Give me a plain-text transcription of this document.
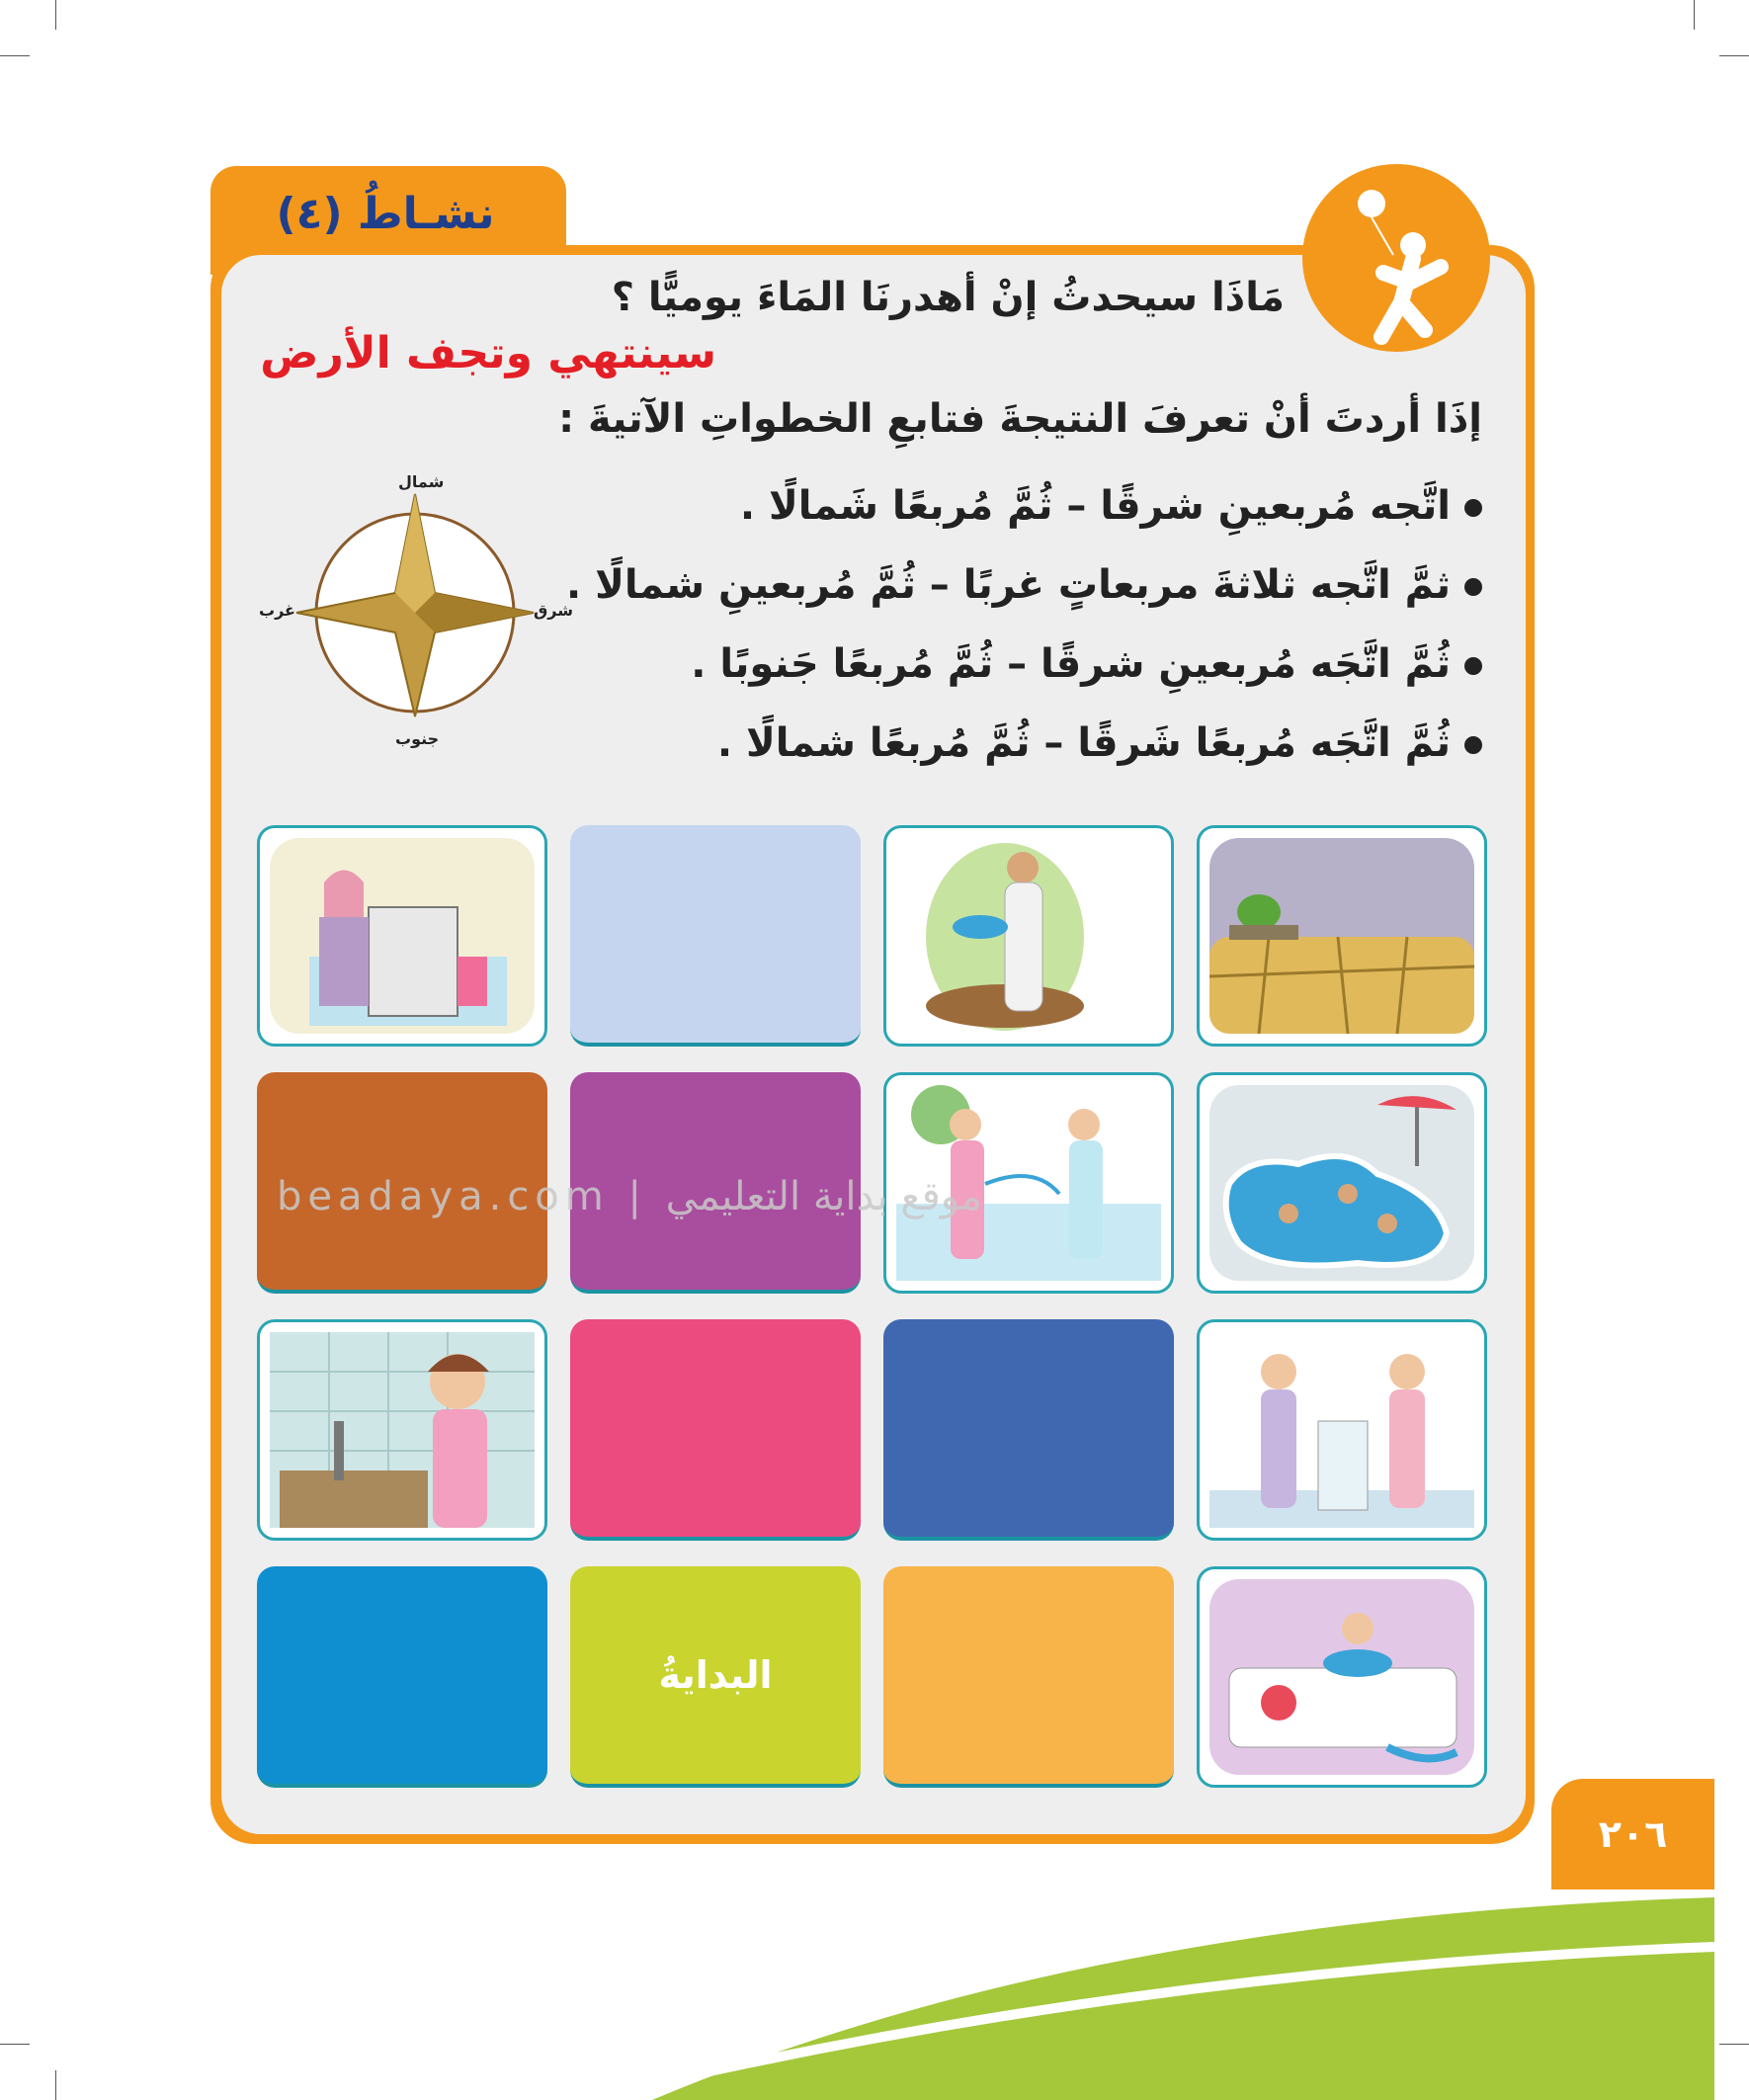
نشـاطُ (٤)
مَاذَا سيحدثُ إنْ أهدرنَا المَاءَ يوميًّا ؟
سينتهي وتجف الأرض
إذَا أردتَ أنْ تعرفَ النتيجةَ فتابعِ الخطواتِ الآتيةَ :
اتَّجه مُربعينِ شرقًا – ثُمَّ مُربعًا شَمالًا .
ثمَّ اتَّجه ثلاثةَ مربعاتٍ غربًا – ثُمَّ مُربعينِ شمالًا .
ثُمَّ اتَّجَه مُربعينِ شرقًا – ثُمَّ مُربعًا جَنوبًا .
ثُمَّ اتَّجَه مُربعًا شَرقًا – ثُمَّ مُربعًا شمالًا .
شمال
جنوب
شرق
غرب
البدايةُ
beadaya.com | موقع بداية التعليمي
٢٠٦
